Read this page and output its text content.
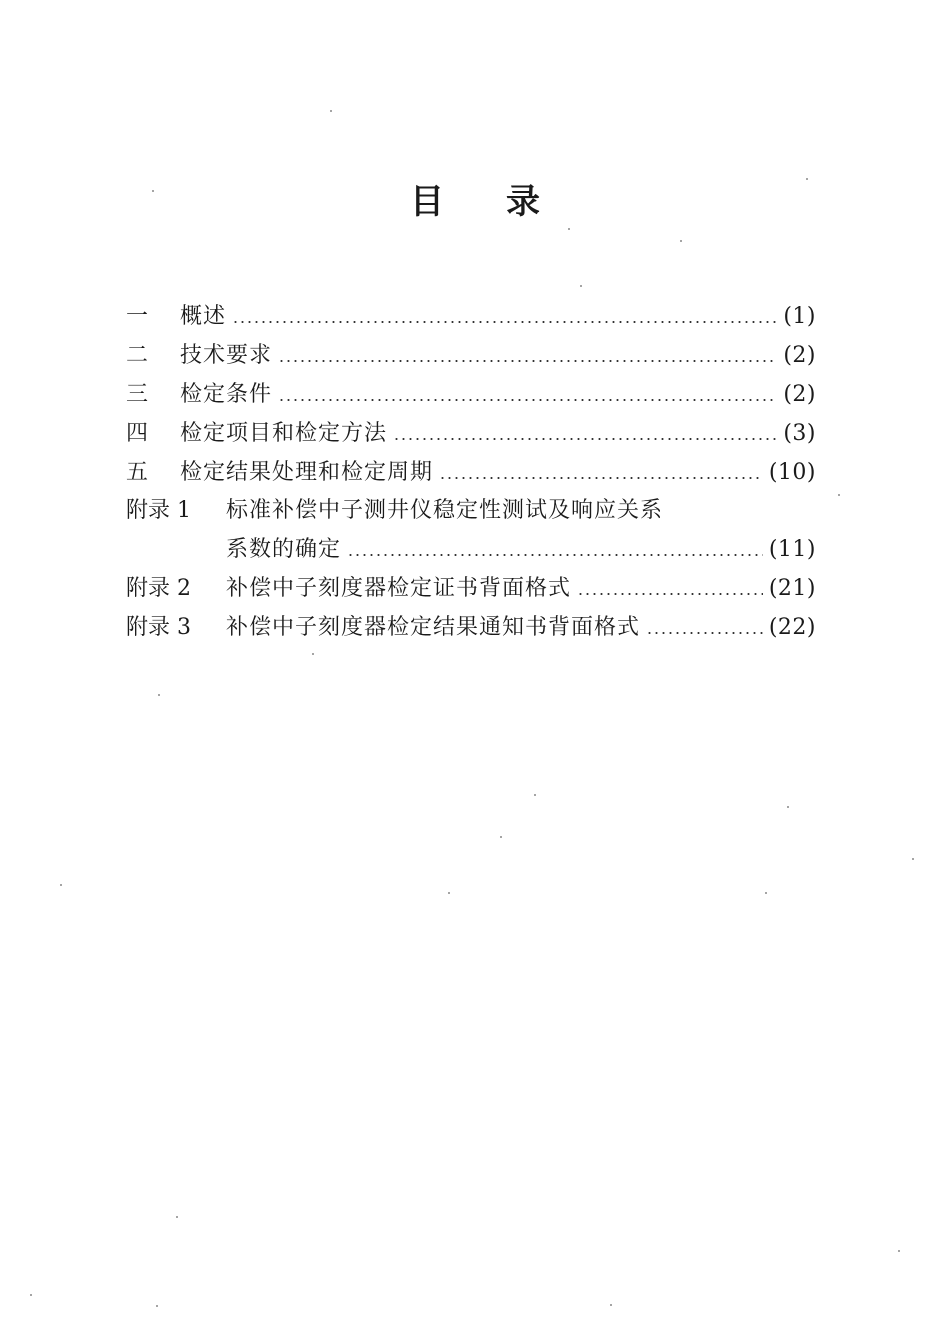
目 录
一	概述	(1)
二	技术要求	(2)
三	检定条件	(2)
四	检定项目和检定方法	(3)
五	检定结果处理和检定周期	(10)
附录 1	标准补偿中子测井仪稳定性测试及响应关系
系数的确定	(11)
附录 2	补偿中子刻度器检定证书背面格式	(21)
附录 3	补偿中子刻度器检定结果通知书背面格式	(22)
